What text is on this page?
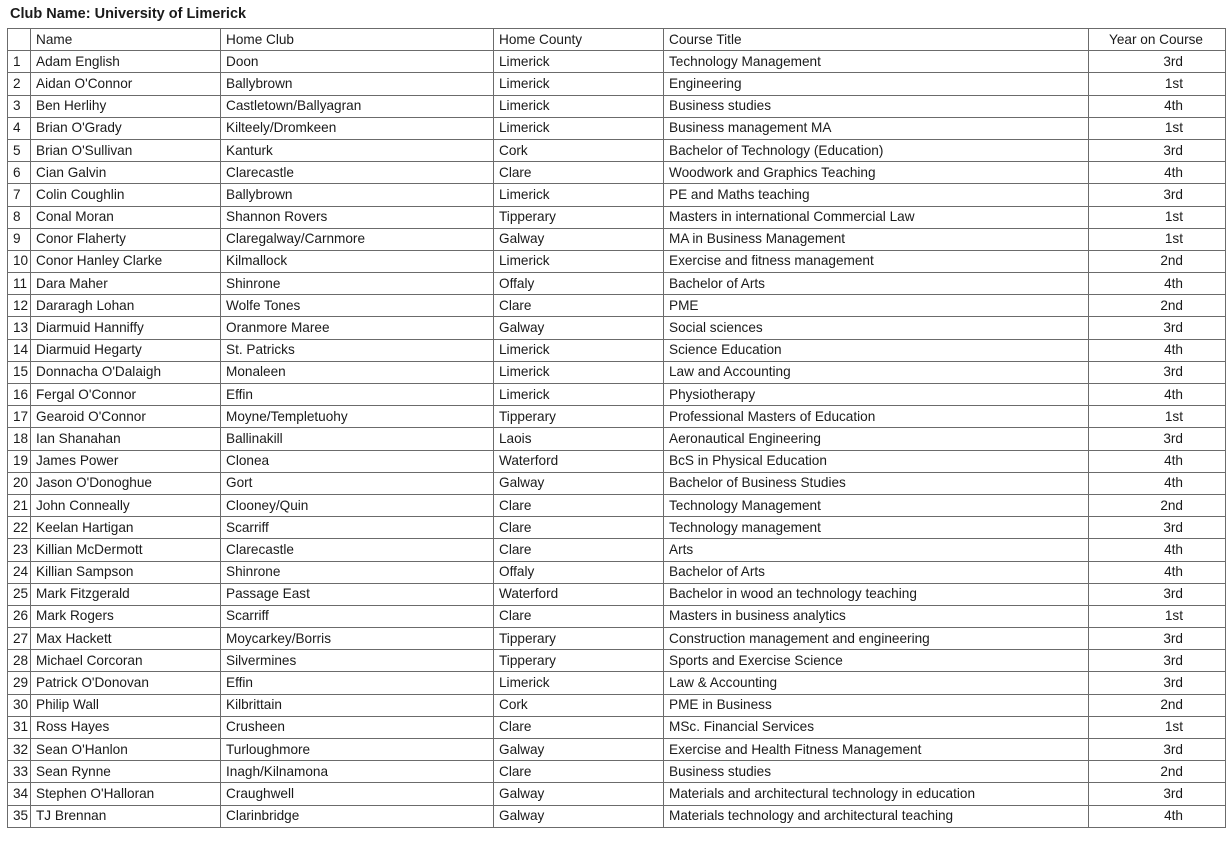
Club Name: University of Limerick
	Name	Home Club	Home County	Course Title	Year on Course
1	Adam English	Doon	Limerick	Technology Management	3rd
2	Aidan O'Connor	Ballybrown	Limerick	Engineering	1st
3	Ben Herlihy	Castletown/Ballyagran	Limerick	Business studies	4th
4	Brian O'Grady	Kilteely/Dromkeen	Limerick	Business management MA	1st
5	Brian O'Sullivan	Kanturk	Cork	Bachelor of Technology (Education)	3rd
6	Cian Galvin	Clarecastle	Clare	Woodwork and Graphics Teaching	4th
7	Colin Coughlin	Ballybrown	Limerick	PE and Maths teaching	3rd
8	Conal Moran	Shannon Rovers	Tipperary	Masters in international Commercial Law	1st
9	Conor Flaherty	Claregalway/Carnmore	Galway	MA in Business Management	1st
10	Conor Hanley Clarke	Kilmallock	Limerick	Exercise and fitness management	2nd
11	Dara Maher	Shinrone	Offaly	Bachelor of Arts	4th
12	Dararagh Lohan	Wolfe Tones	Clare	PME	2nd
13	Diarmuid Hanniffy	Oranmore Maree	Galway	Social sciences	3rd
14	Diarmuid Hegarty	St. Patricks	Limerick	Science Education	4th
15	Donnacha O'Dalaigh	Monaleen	Limerick	Law and Accounting	3rd
16	Fergal O'Connor	Effin	Limerick	Physiotherapy	4th
17	Gearoid O'Connor	Moyne/Templetuohy	Tipperary	Professional Masters of Education	1st
18	Ian Shanahan	Ballinakill	Laois	Aeronautical Engineering	3rd
19	James Power	Clonea	Waterford	BcS in Physical Education	4th
20	Jason O'Donoghue	Gort	Galway	Bachelor of Business Studies	4th
21	John Conneally	Clooney/Quin	Clare	Technology Management	2nd
22	Keelan Hartigan	Scarriff	Clare	Technology management	3rd
23	Killian McDermott	Clarecastle	Clare	Arts	4th
24	Killian Sampson	Shinrone	Offaly	Bachelor of Arts	4th
25	Mark Fitzgerald	Passage East	Waterford	Bachelor in wood an technology teaching	3rd
26	Mark Rogers	Scarriff	Clare	Masters in business analytics	1st
27	Max Hackett	Moycarkey/Borris	Tipperary	Construction management and engineering	3rd
28	Michael Corcoran	Silvermines	Tipperary	Sports and Exercise Science	3rd
29	Patrick O'Donovan	Effin	Limerick	Law & Accounting	3rd
30	Philip Wall	Kilbrittain	Cork	PME in Business	2nd
31	Ross Hayes	Crusheen	Clare	MSc. Financial Services	1st
32	Sean O'Hanlon	Turloughmore	Galway	Exercise and Health Fitness Management	3rd
33	Sean Rynne	Inagh/Kilnamona	Clare	Business studies	2nd
34	Stephen O'Halloran	Craughwell	Galway	Materials and architectural technology in education	3rd
35	TJ Brennan	Clarinbridge	Galway	Materials technology and architectural teaching	4th
